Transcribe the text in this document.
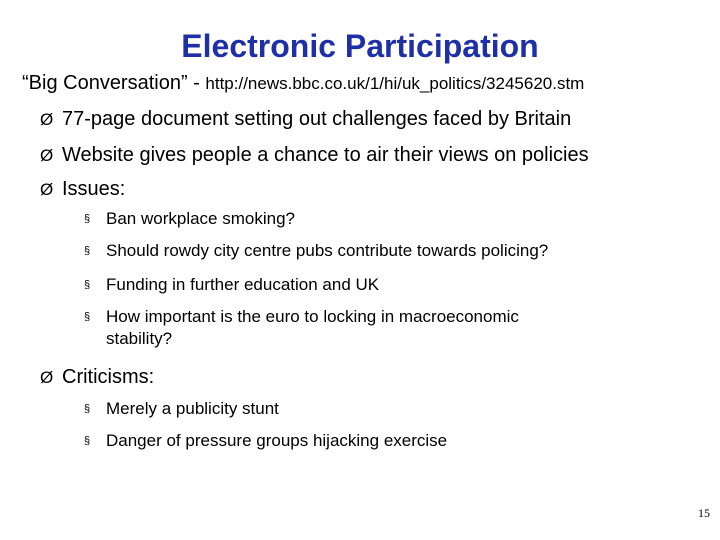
Electronic Participation
“Big Conversation” - http://news.bbc.co.uk/1/hi/uk_politics/3245620.stm
Ø 77-page document setting out challenges faced by Britain
Ø Website gives people a chance to air their views on policies
Ø Issues:
§ Ban workplace smoking?
§ Should rowdy city centre pubs contribute towards policing?
§ Funding in further education and UK
§ How important is the euro to locking in macroeconomic
stability?
Ø Criticisms:
§ Merely a publicity stunt
§ Danger of pressure groups hijacking exercise
15
